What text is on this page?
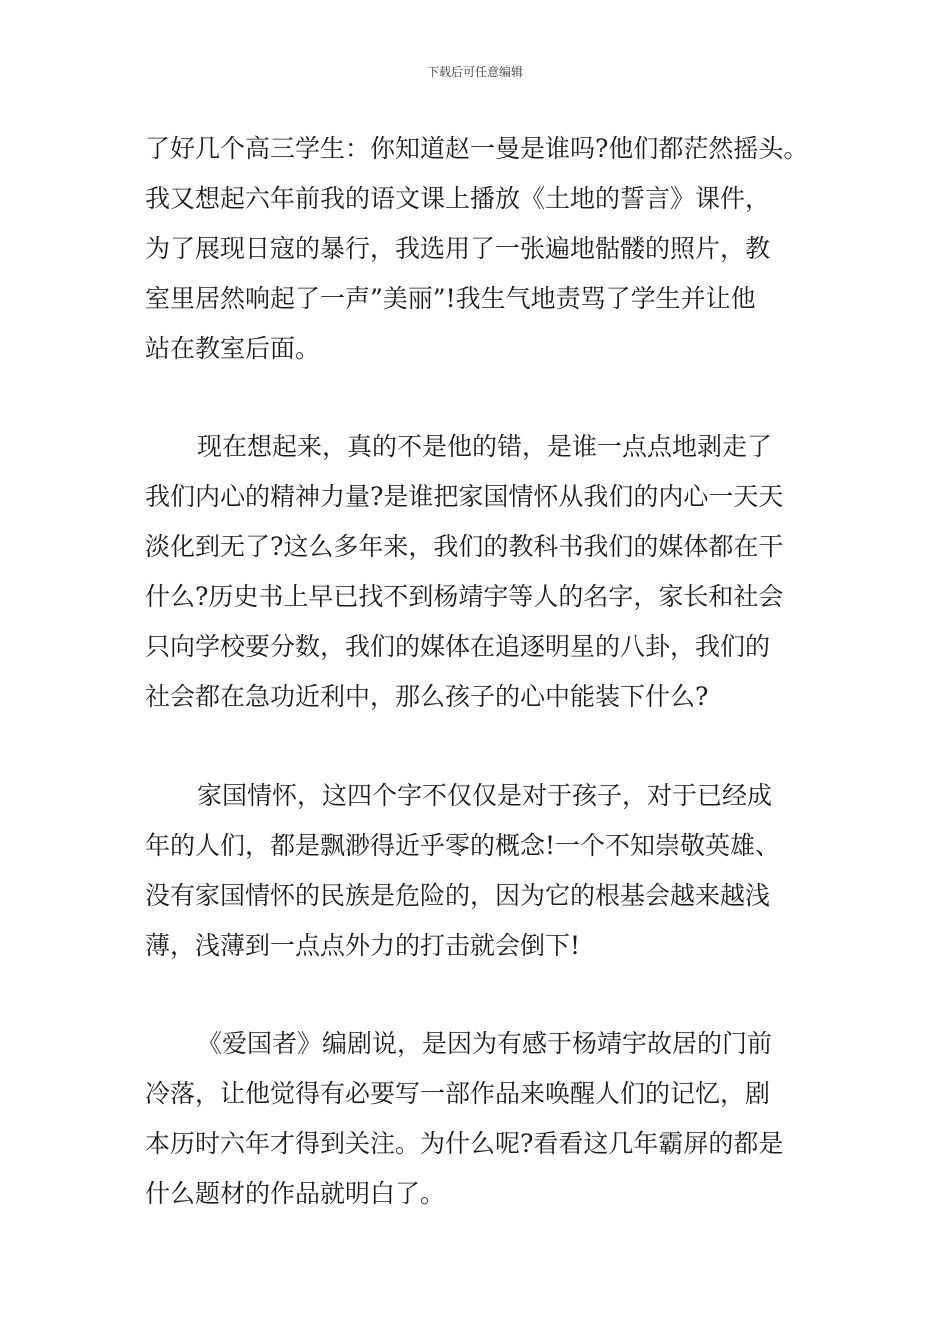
下载后可任意编辑
了好几个高三学生：你知道赵一曼是谁吗?他们都茫然摇头。
我又想起六年前我的语文课上播放《土地的誓言》课件，
为了展现日寇的暴行，我选用了一张遍地骷髅的照片，教
室里居然响起了一声”美丽”!我生气地责骂了学生并让他
站在教室后面。
现在想起来，真的不是他的错，是谁一点点地剥走了
我们内心的精神力量?是谁把家国情怀从我们的内心一天天
淡化到无了?这么多年来，我们的教科书我们的媒体都在干
什么?历史书上早已找不到杨靖宇等人的名字，家长和社会
只向学校要分数，我们的媒体在追逐明星的八卦，我们的
社会都在急功近利中，那么孩子的心中能装下什么?
家国情怀，这四个字不仅仅是对于孩子，对于已经成
年的人们，都是飘渺得近乎零的概念!一个不知崇敬英雄、
没有家国情怀的民族是危险的，因为它的根基会越来越浅
薄，浅薄到一点点外力的打击就会倒下!
《爱国者》编剧说，是因为有感于杨靖宇故居的门前
冷落，让他觉得有必要写一部作品来唤醒人们的记忆，剧
本历时六年才得到关注。为什么呢?看看这几年霸屏的都是
什么题材的作品就明白了。
